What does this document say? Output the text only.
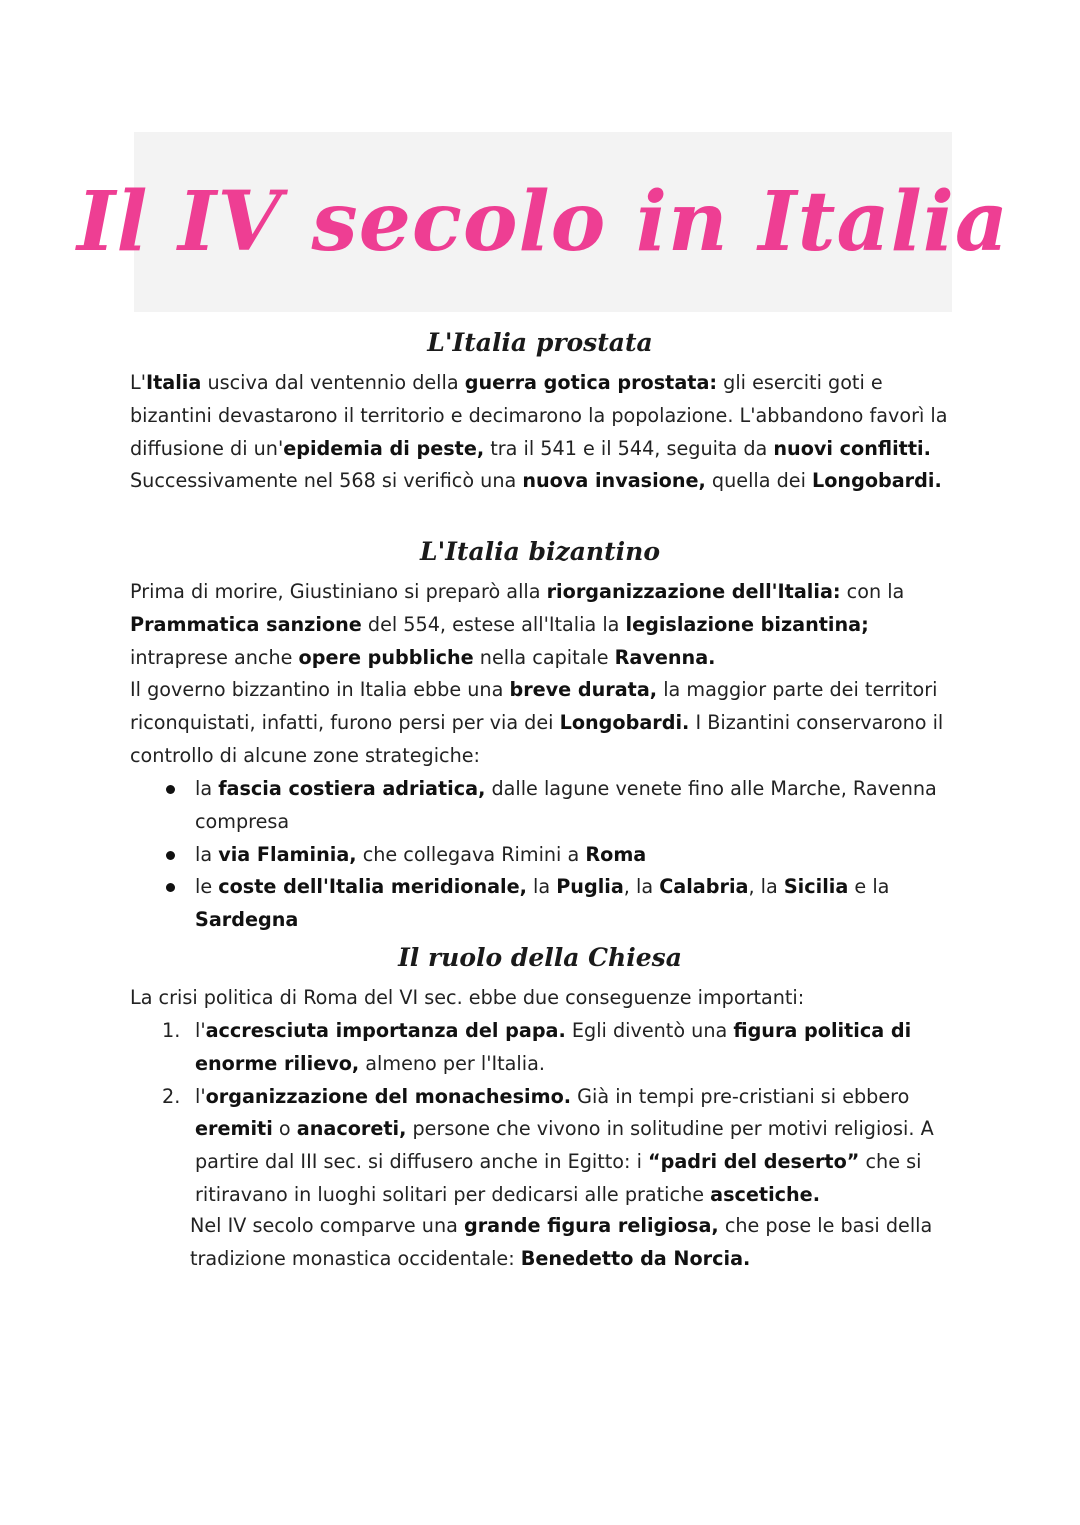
Il IV secolo in Italia
L'Italia prostata

L'Italia usciva dal ventennio della guerra gotica prostata: gli eserciti goti e bizantini devastarono il territorio e decimarono la popolazione. L'abbandono favorì la diffusione di un'epidemia di peste, tra il 541 e il 544, seguita da nuovi conflitti. Successivamente nel 568 si verificò una nuova invasione, quella dei Longobardi.

L'Italia bizantino

Prima di morire, Giustiniano si preparò alla riorganizzazione dell'Italia: con la Prammatica sanzione del 554, estese all'Italia la legislazione bizantina; intraprese anche opere pubbliche nella capitale Ravenna.

Il governo bizzantino in Italia ebbe una breve durata, la maggior parte dei territori riconquistati, infatti, furono persi per via dei Longobardi. I Bizantini conservarono il controllo di alcune zone strategiche:

la fascia costiera adriatica, dalle lagune venete fino alle Marche, Ravenna compresa
la via Flaminia, che collegava Rimini a Roma
le coste dell'Italia meridionale, la Puglia, la Calabria, la Sicilia e la Sardegna
Il ruolo della Chiesa

La crisi politica di Roma del VI sec. ebbe due conseguenze importanti:

1. l'accresciuta importanza del papa. Egli diventò una figura politica di enorme rilievo, almeno per l'Italia.
2. l'organizzazione del monachesimo. Già in tempi pre-cristiani si ebbero eremiti o anacoreti, persone che vivono in solitudine per motivi religiosi. A partire dal III sec. si diffusero anche in Egitto: i “padri del deserto” che si ritiravano in luoghi solitari per dedicarsi alle pratiche ascetiche.

Nel IV secolo comparve una grande figura religiosa, che pose le basi della tradizione monastica occidentale: Benedetto da Norcia.
